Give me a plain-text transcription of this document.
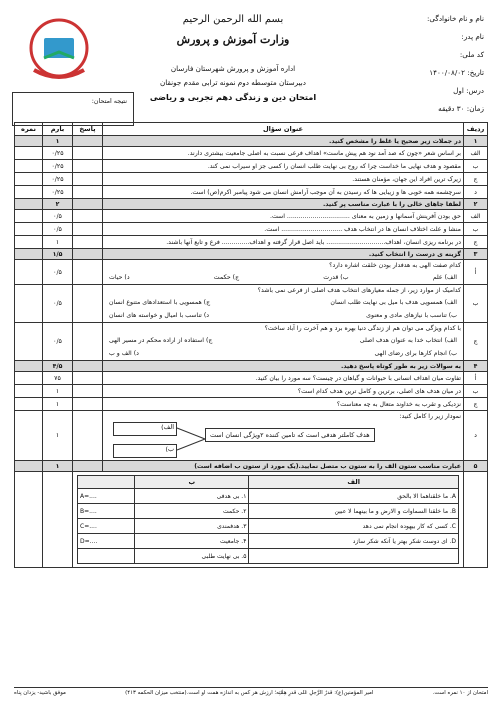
نام و نام خانوادگی:
نام پدر:
کد ملی:
تاریخ: ۱۴۰۰/۰۸/۰۲
درس: اول
زمان: ۳۰ دقیقه
بسم الله الرحمن الرحیم
وزارت آموزش و پرورش
اداره آموزش و پرورش شهرستان فارسان
دبیرستان متوسطه دوم نمونه ترابی مقدم جونقان
امتحان دین و زندگی دهم تجربی و ریاضی
نتیجه امتحان:
ردیف	عنوان سؤال	پاسخ	بارم	نمره
۱	در جملات زیر صحیح یا غلط را مشخص کنید.		۱	
الف	بر اساس شعر «چون که صد آمد نود هم پیش ماست» اهداف فرعی نسبت به اصلی جامعیت بیشتری دارند.		۰/۲۵	
ب	مقصود و هدف نهایی ما خداست چرا که روح بی نهایت طلب انسان را کسی جز او سیراب نمی کند.		۰/۲۵	
ج	زیرک ترین افراد این جهان، مؤمنان هستند.		۰/۲۵	
د	سرچشمه همه خوبی ها و زیبایی ها که رسیدن به آن موجب آرامش انسان می شود پیامبر اکرم(ص) است.		۰/۲۵	
۲	لطفا جاهای خالی را با عبارت مناسب پر کنید.		۲	
الف	حق بودن آفرینش آسمانها و زمین به معنای ................................ است.		۰/۵	
ب	منشا و علت اختلاف انسان ها در انتخاب هدف ............................... است.		۰/۵	
ج	در برنامه ریزی انسان، اهداف.............................. باید اصل قرار گرفته و اهداف.............. فرع و تابع آنها باشند.		۱	
۳	گزینه ی درست را انتخاب کنید.		۱/۵	
أ	
کدام صفت الهی به هدفدار بودن خلقت اشاره دارد؟
الف) علم
ب) قدرت
ج) حکمت
د) حیات
		۰/۵	
ب	
کدامیک از موارد زیر، از جمله معیارهای انتخاب هدف اصلی از فرعی نمی باشد؟
الف) همسویی هدف با میل بی نهایت طلب انسان
ج) همسویی با استعدادهای متنوع انسان
ب) تناسب با نیازهای مادی و معنوی
د) تناسب با امیال و خواسته های انسان
		۰/۵	
ج	
با کدام ویژگی می توان هم از زندگی دنیا بهره برد و هم آخرت را آباد ساخت؟
الف) انتخاب خدا به عنوان هدف اصلی
ج) استفاده از اراده محکم در مسیر الهی
ب) انجام کارها برای رضای الهی
د) الف و ب
		۰/۵	
۴	به سوالات زیر به طور کوتاه پاسخ دهید.		۴/۵	
أ	تفاوت میان اهداف انسانی با حیوانات و گیاهان در چیست؟ سه مورد را بیان کنید.		۷۵	
ب	در میان هدف های اصلی، برترین و کامل ترین هدف کدام است؟		۱	
ج	نزدیکی و تقرب به خداوند متعال به چه معناست؟		۱	
د	
نمودار زیر را کامل کنید:
هدف کاملتر هدفی است که تامین کننده ۲ویژگی انسان است
الف)
ب)
		۱	
۵	عبارت مناسب ستون الف را به ستون ب متصل نمایید.(یک مورد از ستون ب اضافه است)		۱	

الف	ب	
A. ما خلقناهما الا بالحق	۱. بی هدفی	A=....
B. ما خلقنا السماوات و الارض و ما بینهما لا عبین	۲. حکمت	B=....
C. کسی که کار بیهوده انجام نمی دهد	۳. هدفمندی	C=....
D. ای دوست شکر بهتر یا آنکه شکر سازد	۴. جامعیت	D=....
	۵. بی نهایت طلبی	

امتحان از ۱۰ نمره است.
امیر المؤمنین(ع): قدرُ الرَّجلِ عَلی قدرِ هِمَّتِه؛ ارزش هر کس به اندازه همت او است.(منتخب میزان الحکمه ۴۱۳)
موفق باشید- یزدان پناه
